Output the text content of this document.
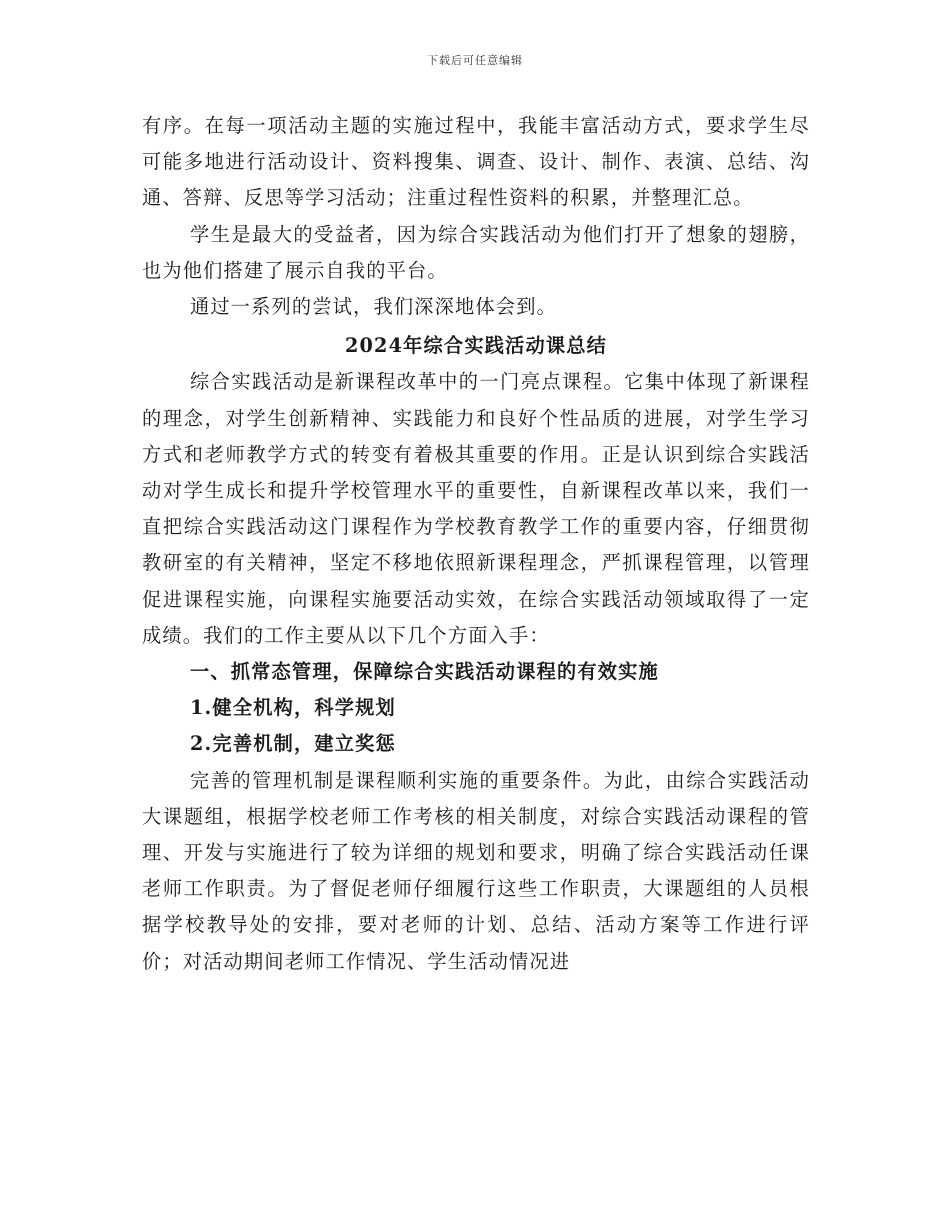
下载后可任意编辑

有序。在每一项活动主题的实施过程中，我能丰富活动方式，要求学生尽可能多地进行活动设计、资料搜集、调查、设计、制作、表演、总结、沟通、答辩、反思等学习活动；注重过程性资料的积累，并整理汇总。

学生是最大的受益者，因为综合实践活动为他们打开了想象的翅膀，也为他们搭建了展示自我的平台。

通过一系列的尝试，我们深深地体会到。

2024年综合实践活动课总结

综合实践活动是新课程改革中的一门亮点课程。它集中体现了新课程的理念，对学生创新精神、实践能力和良好个性品质的进展，对学生学习方式和老师教学方式的转变有着极其重要的作用。正是认识到综合实践活动对学生成长和提升学校管理水平的重要性，自新课程改革以来，我们一直把综合实践活动这门课程作为学校教育教学工作的重要内容，仔细贯彻教研室的有关精神，坚定不移地依照新课程理念，严抓课程管理，以管理促进课程实施，向课程实施要活动实效，在综合实践活动领域取得了一定成绩。我们的工作主要从以下几个方面入手：

一、抓常态管理，保障综合实践活动课程的有效实施

1.健全机构，科学规划

2.完善机制，建立奖惩

完善的管理机制是课程顺利实施的重要条件。为此，由综合实践活动大课题组，根据学校老师工作考核的相关制度，对综合实践活动课程的管理、开发与实施进行了较为详细的规划和要求，明确了综合实践活动任课老师工作职责。为了督促老师仔细履行这些工作职责，大课题组的人员根据学校教导处的安排，要对老师的计划、总结、活动方案等工作进行评价；对活动期间老师工作情况、学生活动情况进
